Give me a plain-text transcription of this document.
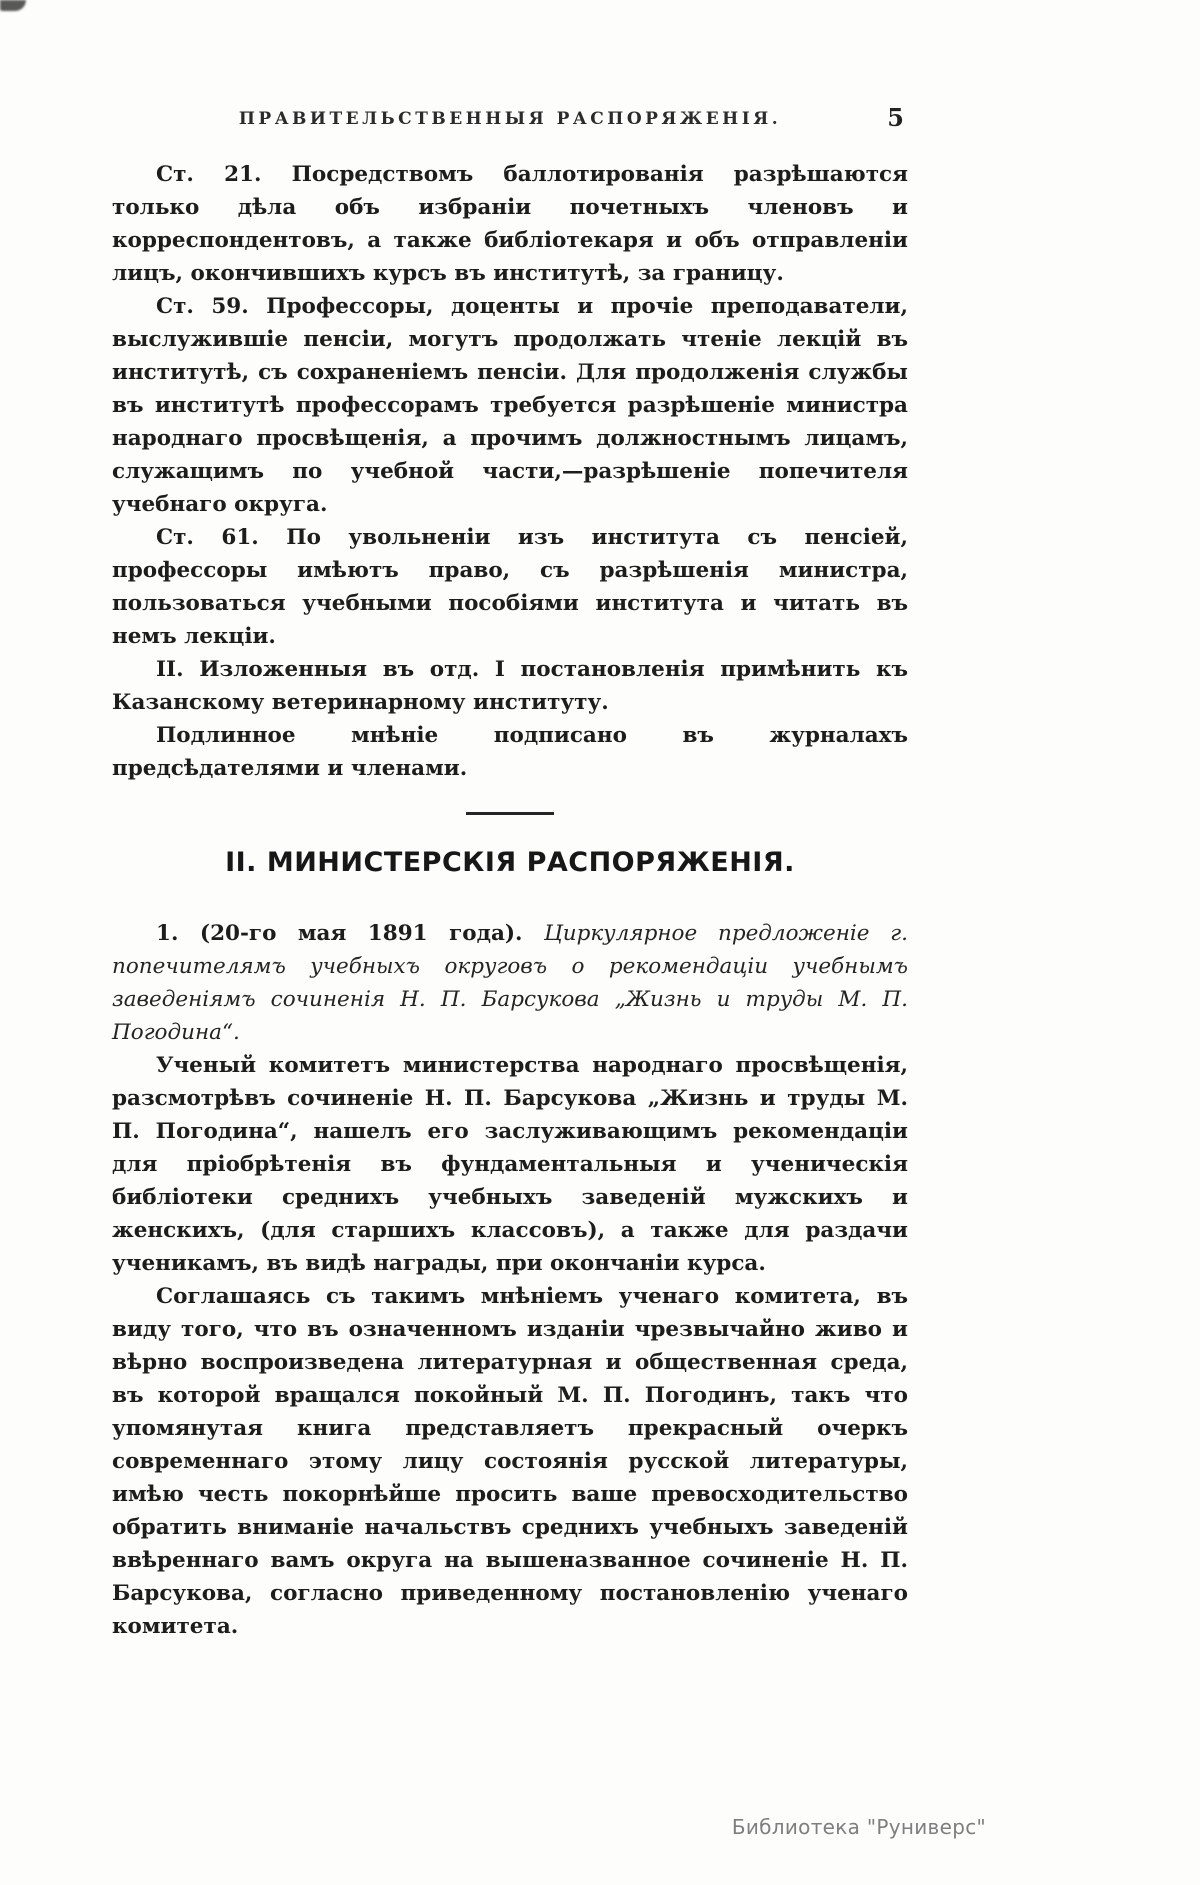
ПРАВИТЕЛЬСТВЕННЫЯ РАСПОРЯЖЕНІЯ.	5

Ст. 21. Посредствомъ баллотированія разрѣшаются только дѣла объ избраніи почетныхъ членовъ и корреспондентовъ, а также библіотекаря и объ отправленіи лицъ, окончившихъ курсъ въ институтѣ, за границу.

Ст. 59. Профессоры, доценты и прочіе преподаватели, выслужившіе пенсіи, могутъ продолжать чтеніе лекцій въ институтѣ, съ сохраненіемъ пенсіи. Для продолженія службы въ институтѣ профессорамъ требуется разрѣшеніе министра народнаго просвѣщенія, а прочимъ должностнымъ лицамъ, служащимъ по учебной части,—разрѣшеніе попечителя учебнаго округа.

Ст. 61. По увольненіи изъ института съ пенсіей, профессоры имѣютъ право, съ разрѣшенія министра, пользоваться учебными пособіями института и читать въ немъ лекціи.

II. Изложенныя въ отд. I постановленія примѣнить къ Казанскому ветеринарному институту.

Подлинное мнѣніе подписано въ журналахъ предсѣдателями и членами.

II. МИНИСТЕРСКІЯ РАСПОРЯЖЕНІЯ.

1. (20-го мая 1891 года). Циркулярное предложеніе г. попечителямъ учебныхъ округовъ о рекомендаціи учебнымъ заведеніямъ сочиненія Н. П. Барсукова „Жизнь и труды М. П. Погодина“.

Ученый комитетъ министерства народнаго просвѣщенія, разсмотрѣвъ сочиненіе Н. П. Барсукова „Жизнь и труды М. П. Погодина“, нашелъ его заслуживающимъ рекомендаціи для пріобрѣтенія въ фундаментальныя и ученическія библіотеки среднихъ учебныхъ заведеній мужскихъ и женскихъ, (для старшихъ классовъ), а также для раздачи ученикамъ, въ видѣ награды, при окончаніи курса.

Соглашаясь съ такимъ мнѣніемъ ученаго комитета, въ виду того, что въ означенномъ изданіи чрезвычайно живо и вѣрно воспроизведена литературная и общественная среда, въ которой вращался покойный М. П. Погодинъ, такъ что упомянутая книга представляетъ прекрасный очеркъ современнаго этому лицу состоянія русской литературы, имѣю честь покорнѣйше просить ваше превосходительство обратить вниманіе начальствъ среднихъ учебныхъ заведеній ввѣреннаго вамъ округа на вышеназванное сочиненіе Н. П. Барсукова, согласно приведенному постановленію ученаго комитета.

Библиотека "Руниверс"
